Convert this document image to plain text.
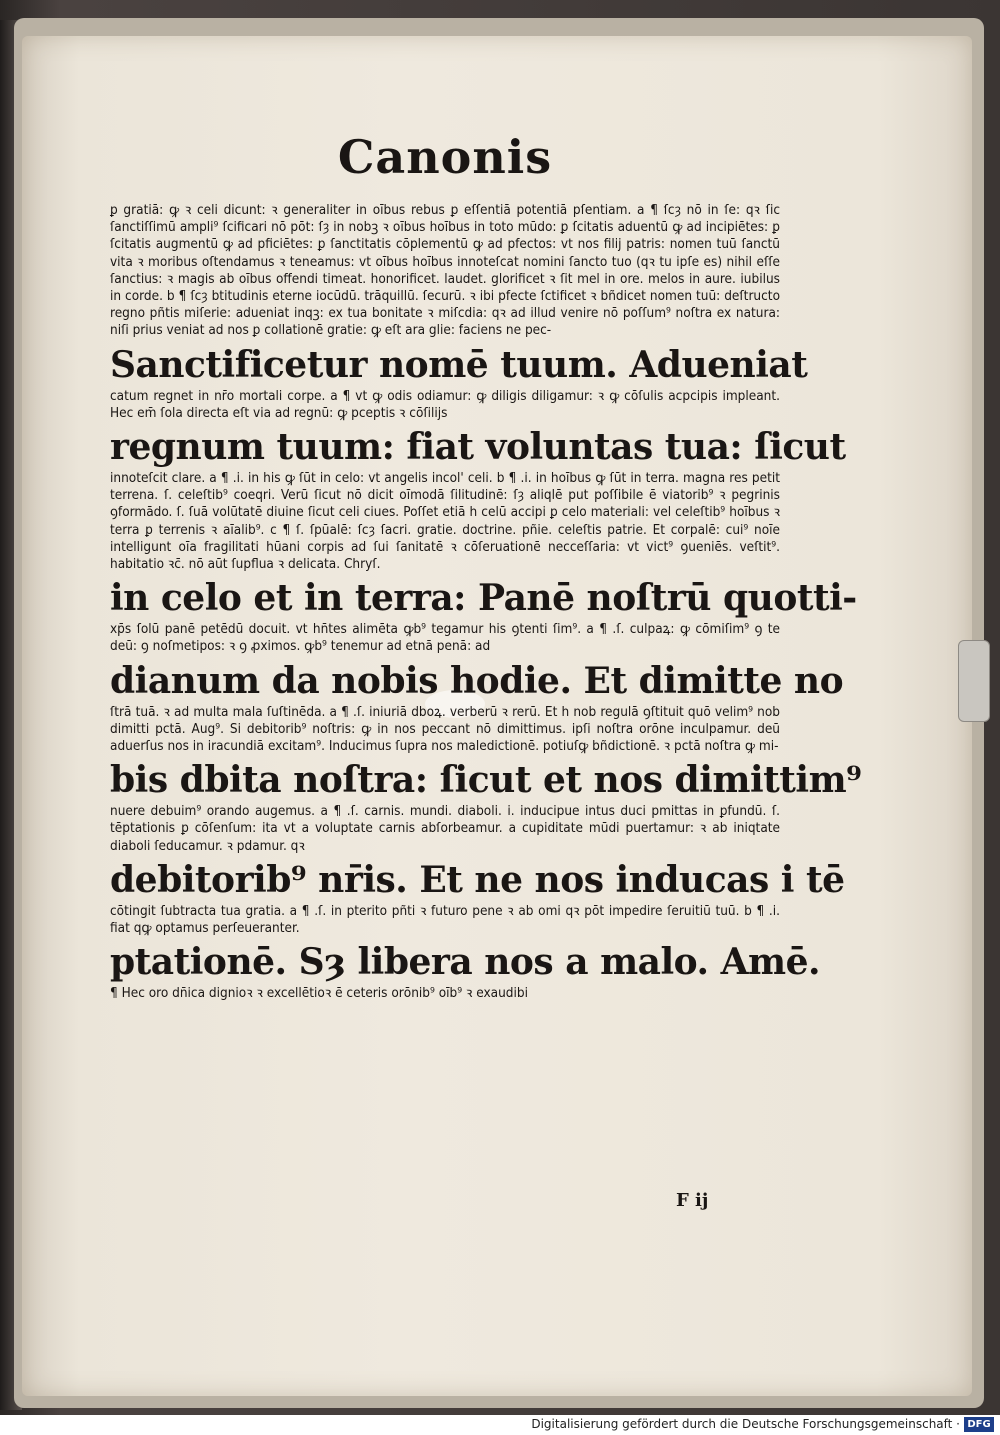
Canonis

ꝑ gratiā: ꝙ ꝛ celi dicunt: ꝛ generaliter in oībus rebus ꝑ eſſentiā potentiā pſentiam. a ¶ ſcȝ nō in ſe: qꝛ ſic ſanctiſſimū ampli⁹ ſcificari nō pōt: ſȝ in nobꝫ ꝛ oībus hoībus in toto mūdo: ꝑ ſcitatis aduentū ꝙ ad incipiētes: ꝑ ſcitatis augmentū ꝙ ad pficiētes: ꝑ ſanctitatis cōplementū ꝙ ad pfectos: vt nos filij patris: nomen tuū ſanctū vita ꝛ moribus oſtendamus ꝛ teneamus: vt oībus hoībus innoteſcat nomini ſancto tuo (qꝛ tu ipſe es) nihil eſſe ſanctius: ꝛ magis ab oībus offendi timeat. honorificet. laudet. glorificet ꝛ ſit mel in ore. melos in aure. iubilus in corde. b ¶ ſcȝ btitudinis eterne iocūdū. trāquillū. ſecurū. ꝛ ibi pfecte ſctificet ꝛ bñdicet nomen tuū: deſtructo regno pñtis miſerie: adueniat inqꝫ: ex tua bonitate ꝛ miſcdia: qꝛ ad illud venire nō poſſum⁹ noſtra ex natura: niſi prius veniat ad nos ꝑ collationē gratie: ꝙ eſt ara glie: faciens ne pec-

Sanctificetur nomē tuum. Adueniat

catum regnet in nr̄o mortali corpe. a ¶ vt ꝙ odis odiamur: ꝙ diligis diligamur: ꝛ ꝙ cōſulis acpcipis impleant. Hec em̄ ſola directa eſt via ad regnū: ꝙ pceptis ꝛ cōſilijs

regnum tuum: fiat voluntas tua: ſicut

innoteſcit clare. a ¶ .i. in his ꝙ ſūt in celo: vt angelis incol' celi. b ¶ .i. in hoībus ꝙ ſūt in terra. magna res petit terrena. ſ. celeſtib⁹ coeqri. Verū ſicut nō dicit oīmodā ſilitudinē: ſȝ aliqlē put poſſibile ē viatorib⁹ ꝛ pegrinis ꝯformādo. ſ. ſuā volūtatē diuine ſicut celi ciues. Poſſet etiā h celū accipi ꝑ celo materiali: vel celeſtib⁹ hoībus ꝛ terra ꝑ terrenis ꝛ aīalib⁹. c ¶ ſ. ſpūalē: ſcȝ ſacri. gratie. doctrine. pñie. celeſtis patrie. Et corpalē: cui⁹ noīe intelligunt oīa fragilitati hūani corpis ad ſui ſanitatē ꝛ cōſeruationē necceſſaria: vt vict⁹ ꝯueniēs. veſtit⁹. habitatio ꝛc̄. nō aūt ſupflua ꝛ delicata. Chryſ.

in celo et in terra: Panē noſtrū quotti-

xp̄s ſolū panē petēdū docuit. vt hn̄tes alimēta ꝙb⁹ tegamur his ꝯtenti ſim⁹. a ¶ .ſ. culpaꝝ: ꝙ cōmiſim⁹ ꝯ te deū: ꝯ noſmetipos: ꝛ ꝯ ꝓximos. ꝙb⁹ tenemur ad etnā penā: ad

dianum da nobis hodie. Et dimitte no

ſtrā tuā. ꝛ ad multa mala ſuſtinēda. a ¶ .ſ. iniuriā dboꝝ. verberū ꝛ rerū. Et h nob regulā ꝯſtituit quō velim⁹ nob dimitti pctā. Aug⁹. Si debitorib⁹ noſtris: ꝙ in nos peccant nō dimittimus. ipſi noſtra orōne inculpamur. deū aduerſus nos in iracundiā excitam⁹. Inducimus ſupra nos maledictionē. potiuſꝙ bñdictionē. ꝛ pctā noſtra ꝙ mi-

bis dbita noſtra: ſicut et nos dimittim⁹

nuere debuim⁹ orando augemus. a ¶ .ſ. carnis. mundi. diaboli. i. inducipue intus duci pmittas in ꝑfundū. ſ. tēptationis ꝑ cōſenſum: ita vt a voluptate carnis abſorbeamur. a cupiditate mūdi puertamur: ꝛ ab iniqtate diaboli ſeducamur. ꝛ pdamur. qꝛ

debitorib⁹ nr̄is. Et ne nos inducas i tē

cōtingit ſubtracta tua gratia. a ¶ .ſ. in pterito pñti ꝛ futuro pene ꝛ ab omi qꝛ pōt impedire ſeruitiū tuū. b ¶ .i. fiat qꝙ optamus perſeueranter.

ptationē. Sȝ libera nos a malo. Amē.

¶ Hec oro dn̄ica dignioꝛ ꝛ excellētioꝛ ē ceteris orōnib⁹ oīb⁹ ꝛ exaudibi

F ij
Digitalisierung gefördert durch die Deutsche Forschungsgemeinschaft · DFG
